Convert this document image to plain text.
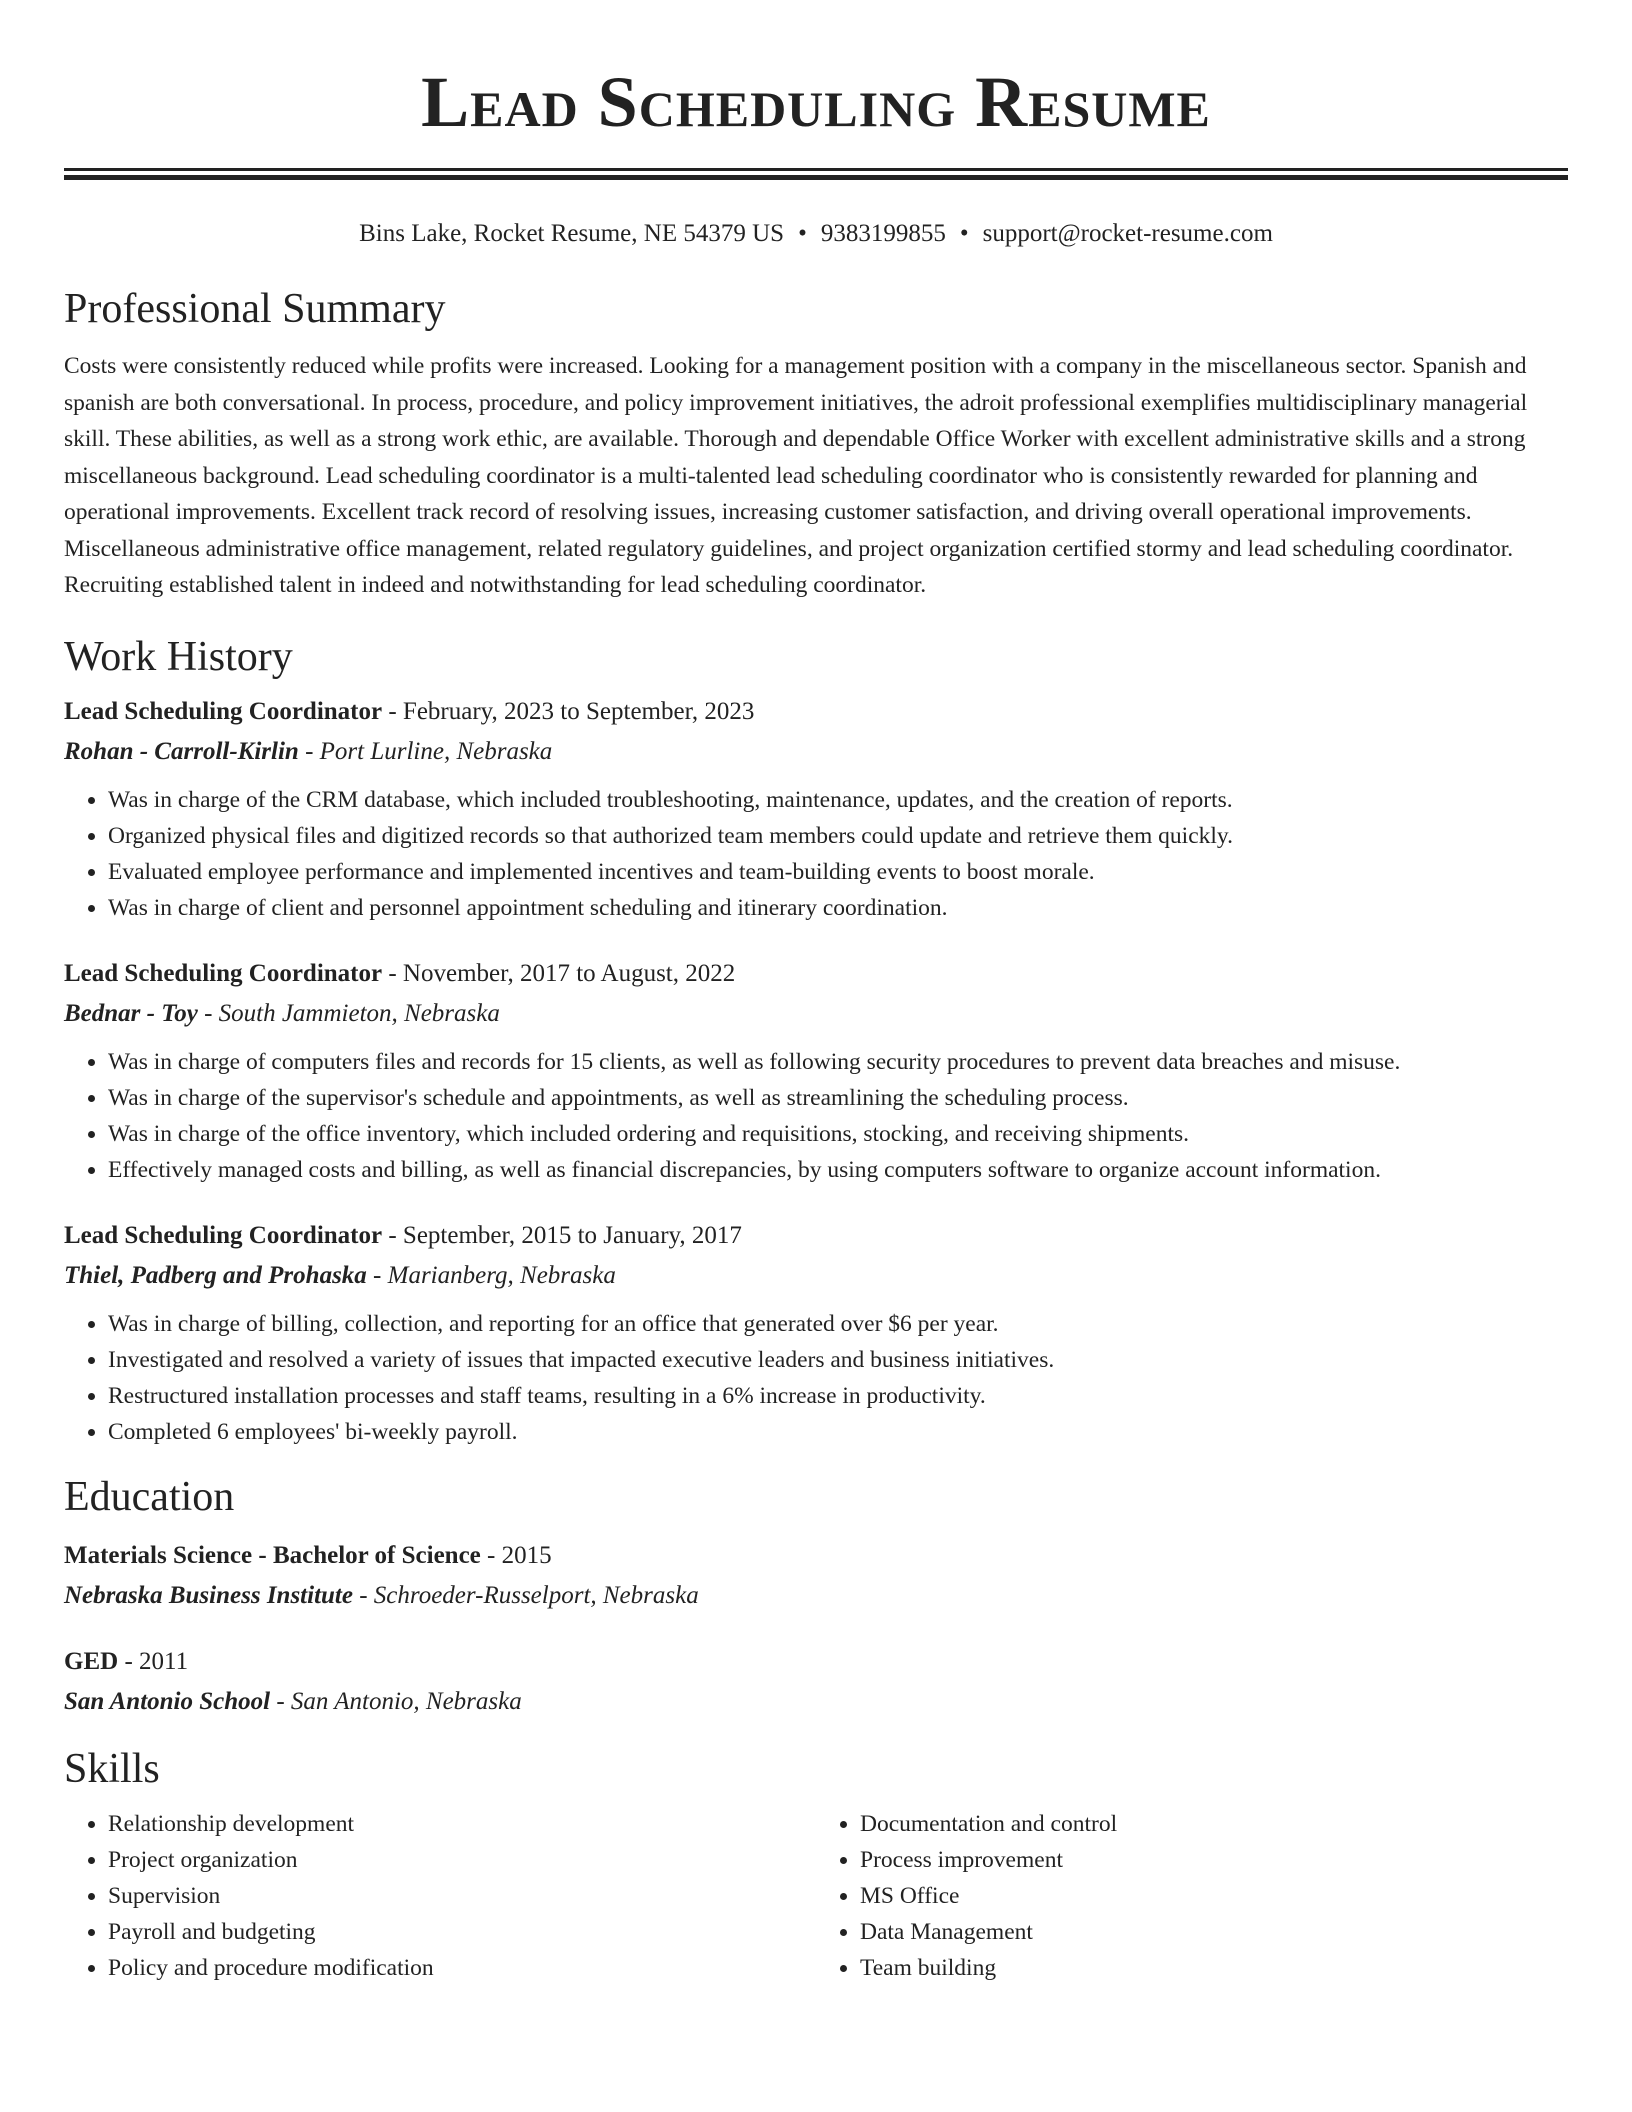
Lead Scheduling Resume
Bins Lake, Rocket Resume, NE 54379 US • 9383199855 • support@rocket-resume.com
Professional Summary

Costs were consistently reduced while profits were increased. Looking for a management position with a company in the miscellaneous sector. Spanish and spanish are both conversational. In process, procedure, and policy improvement initiatives, the adroit professional exemplifies multidisciplinary managerial skill. These abilities, as well as a strong work ethic, are available. Thorough and dependable Office Worker with excellent administrative skills and a strong miscellaneous background. Lead scheduling coordinator is a multi-talented lead scheduling coordinator who is consistently rewarded for planning and operational improvements. Excellent track record of resolving issues, increasing customer satisfaction, and driving overall operational improvements. Miscellaneous administrative office management, related regulatory guidelines, and project organization certified stormy and lead scheduling coordinator. Recruiting established talent in indeed and notwithstanding for lead scheduling coordinator.

Work History

Lead Scheduling Coordinator - February, 2023 to September, 2023

Rohan - Carroll-Kirlin - Port Lurline, Nebraska

• Was in charge of the CRM database, which included troubleshooting, maintenance, updates, and the creation of reports.
• Organized physical files and digitized records so that authorized team members could update and retrieve them quickly.
• Evaluated employee performance and implemented incentives and team-building events to boost morale.
• Was in charge of client and personnel appointment scheduling and itinerary coordination.

Lead Scheduling Coordinator - November, 2017 to August, 2022

Bednar - Toy - South Jammieton, Nebraska

• Was in charge of computers files and records for 15 clients, as well as following security procedures to prevent data breaches and misuse.
• Was in charge of the supervisor's schedule and appointments, as well as streamlining the scheduling process.
• Was in charge of the office inventory, which included ordering and requisitions, stocking, and receiving shipments.
• Effectively managed costs and billing, as well as financial discrepancies, by using computers software to organize account information.

Lead Scheduling Coordinator - September, 2015 to January, 2017

Thiel, Padberg and Prohaska - Marianberg, Nebraska

• Was in charge of billing, collection, and reporting for an office that generated over $6 per year.
• Investigated and resolved a variety of issues that impacted executive leaders and business initiatives.
• Restructured installation processes and staff teams, resulting in a 6% increase in productivity.
• Completed 6 employees' bi-weekly payroll.
Education

Materials Science - Bachelor of Science - 2015

Nebraska Business Institute - Schroeder-Russelport, Nebraska

GED - 2011

San Antonio School - San Antonio, Nebraska

Skills
• Relationship development
• Project organization
• Supervision
• Payroll and budgeting
• Policy and procedure modification
• Documentation and control
• Process improvement
• MS Office
• Data Management
• Team building
